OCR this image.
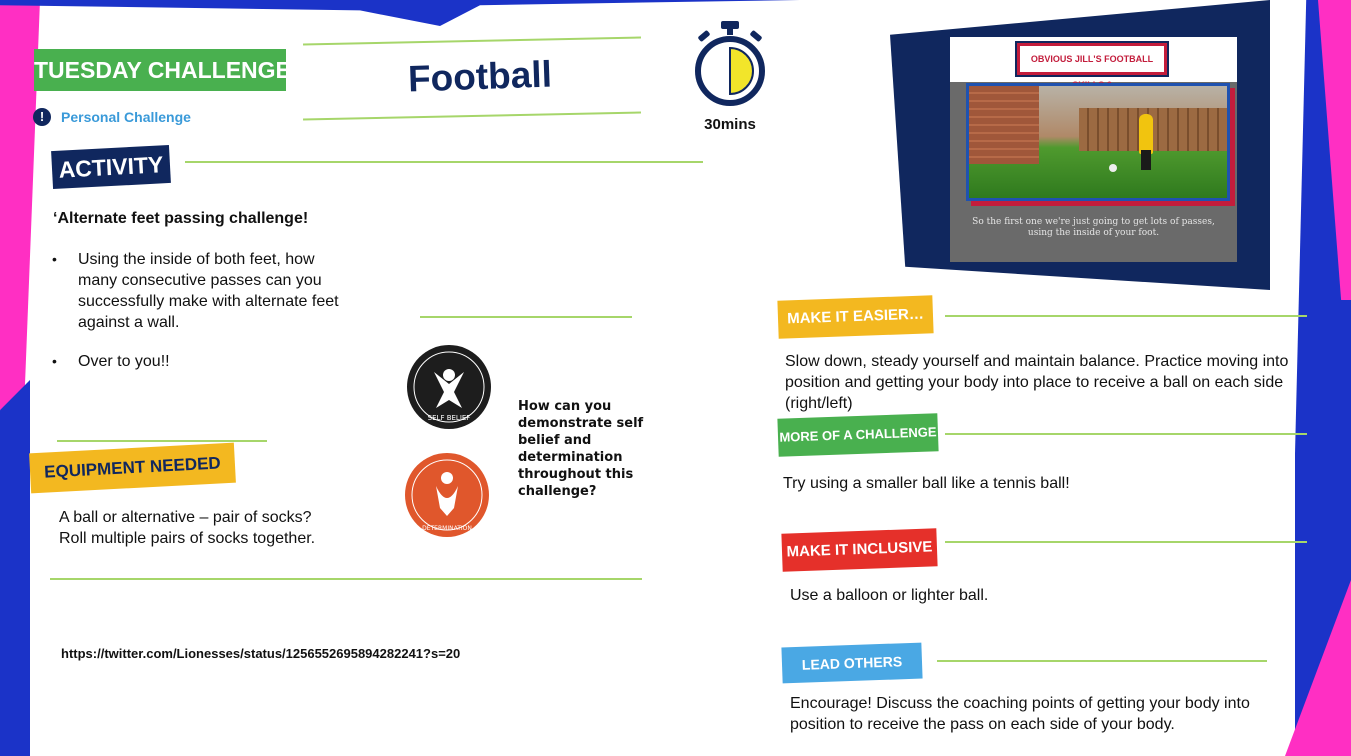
TUESDAY CHALLENGE	Football
!	Personal Challenge	30mins
ACTIVITY
‘Alternate feet passing challenge!
• Using the inside of both feet, how many consecutive passes can you successfully make with alternate feet against a wall.
• Over to you!!
SELF BELIEF
DETERMINATION
How can you demonstrate self belief and determination throughout this challenge?
EQUIPMENT NEEDED
A ball or alternative – pair of socks?
Roll multiple pairs of socks together.
https://twitter.com/Lionesses/status/1256552695894282241?s=20
OBVIOUS JILL'S FOOTBALL
So the first one we're just going to get lots of passes,
using the inside of your foot.
MAKE IT EASIER…
Slow down, steady yourself and maintain balance. Practice moving into position and getting your body into place to receive a ball on each side (right/left)
MORE OF A CHALLENGE
Try using a smaller ball like a tennis ball!
MAKE IT INCLUSIVE
Use a balloon or lighter ball.
LEAD OTHERS
Encourage! Discuss the coaching points of getting your body into position to receive the pass on each side of your body.
